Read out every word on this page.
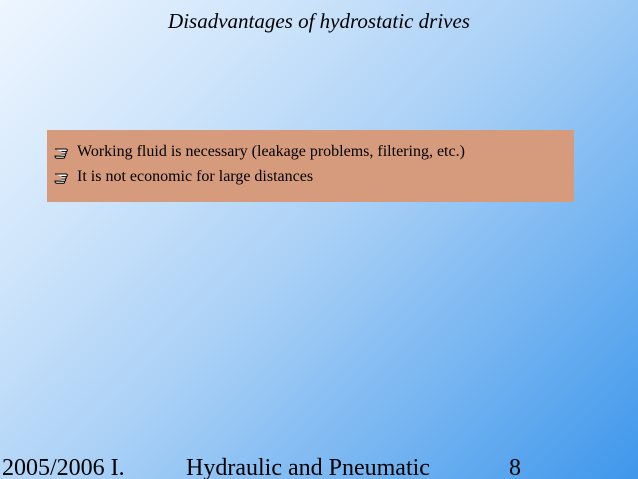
Disadvantages of hydrostatic drives
Working fluid is necessary (leakage problems, filtering, etc.)
It is not economic for large distances
2005/2006 I.	Hydraulic and Pneumatic	8
